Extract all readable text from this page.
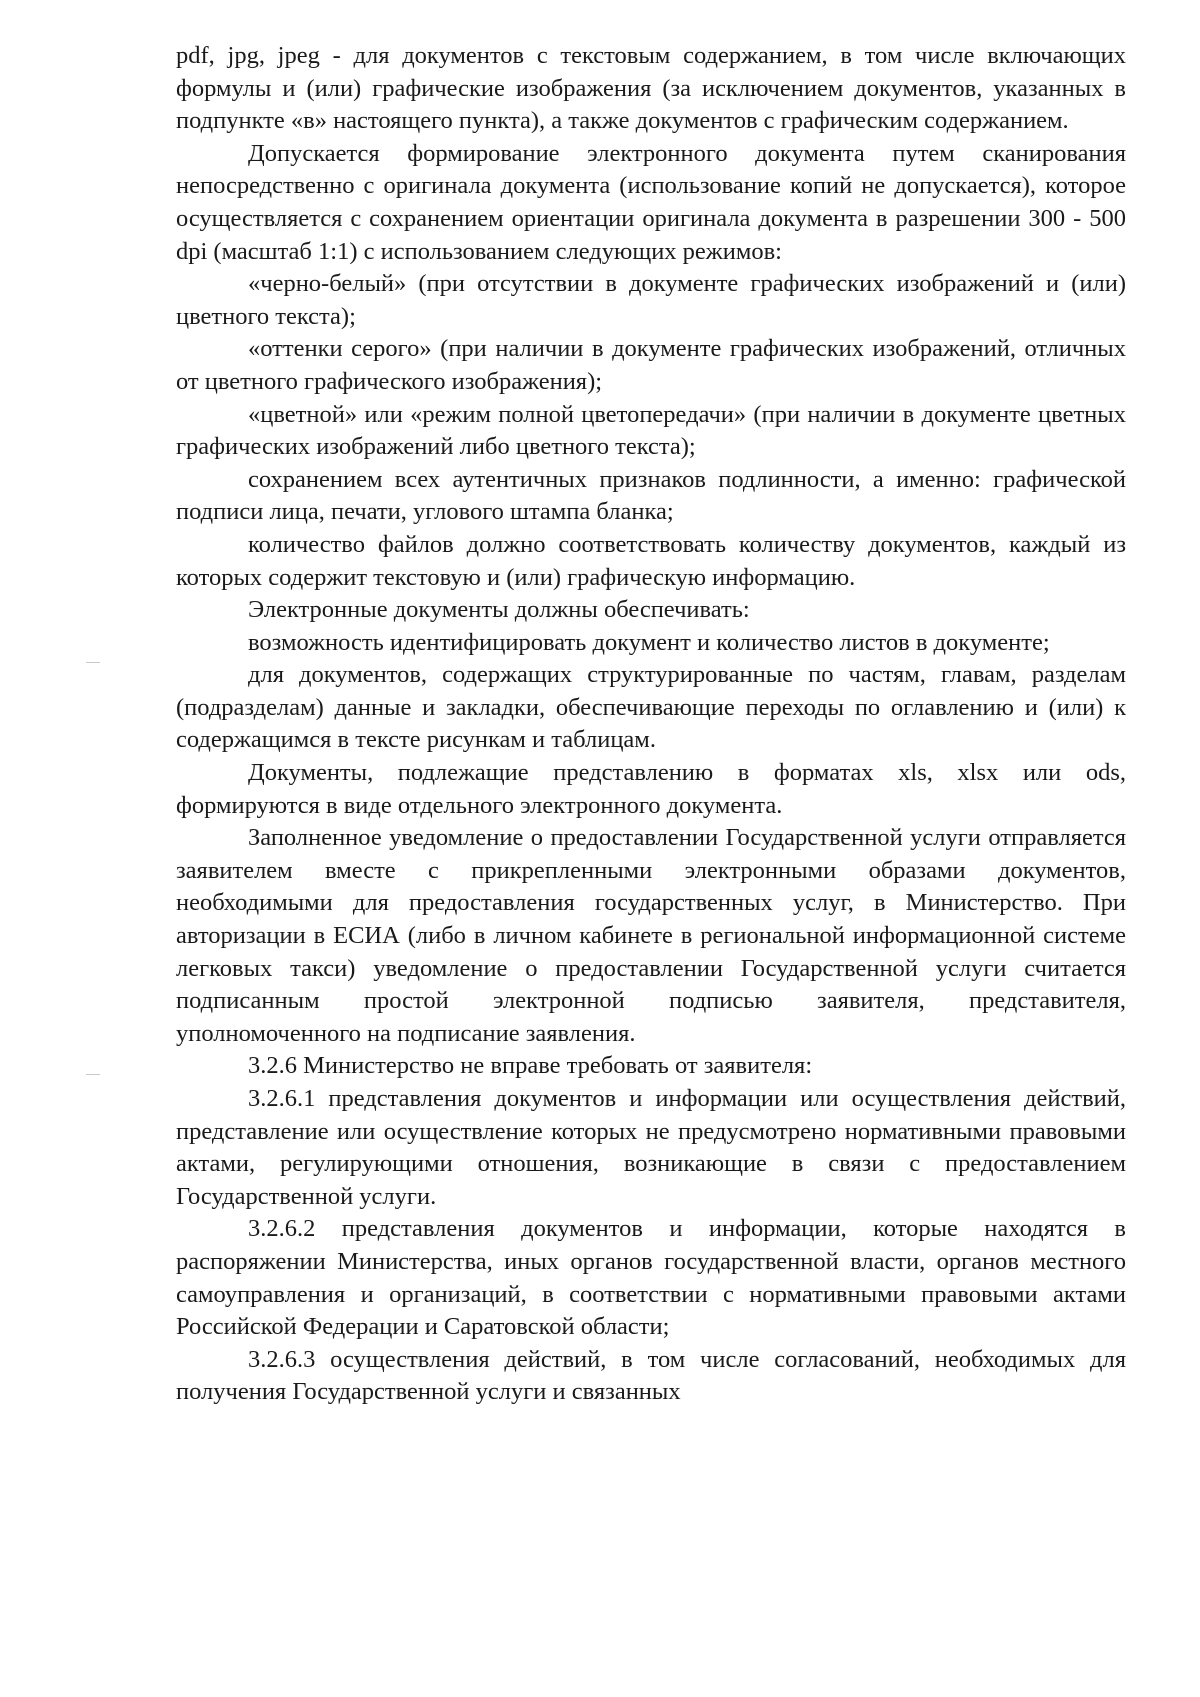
pdf, jpg, jpeg - для документов с текстовым содержанием, в том числе включающих формулы и (или) графические изображения (за исключением документов, указанных в подпункте «в» настоящего пункта), а также документов с графическим содержанием.

Допускается формирование электронного документа путем сканирования непосредственно с оригинала документа (использование копий не допускается), которое осуществляется с сохранением ориентации оригинала документа в разрешении 300 - 500 dpi (масштаб 1:1) с использованием следующих режимов:

«черно-белый» (при отсутствии в документе графических изображений и (или) цветного текста);

«оттенки серого» (при наличии в документе графических изображений, отличных от цветного графического изображения);

«цветной» или «режим полной цветопередачи» (при наличии в документе цветных графических изображений либо цветного текста);

сохранением всех аутентичных признаков подлинности, а именно: графической подписи лица, печати, углового штампа бланка;

количество файлов должно соответствовать количеству документов, каждый из которых содержит текстовую и (или) графическую информацию.

Электронные документы должны обеспечивать:

возможность идентифицировать документ и количество листов в документе;

для документов, содержащих структурированные по частям, главам, разделам (подразделам) данные и закладки, обеспечивающие переходы по оглавлению и (или) к содержащимся в тексте рисункам и таблицам.

Документы, подлежащие представлению в форматах xls, xlsx или ods, формируются в виде отдельного электронного документа.

Заполненное уведомление о предоставлении Государственной услуги отправляется заявителем вместе с прикрепленными электронными образами документов, необходимыми для предоставления государственных услуг, в Министерство. При авторизации в ЕСИА (либо в личном кабинете в региональной информационной системе легковых такси) уведомление о предоставлении Государственной услуги считается подписанным простой электронной подписью заявителя, представителя, уполномоченного на подписание заявления.

3.2.6 Министерство не вправе требовать от заявителя:

3.2.6.1 представления документов и информации или осуществления действий, представление или осуществление которых не предусмотрено нормативными правовыми актами, регулирующими отношения, возникающие в связи с предоставлением Государственной услуги.

3.2.6.2 представления документов и информации, которые находятся в распоряжении Министерства, иных органов государственной власти, органов местного самоуправления и организаций, в соответствии с нормативными правовыми актами Российской Федерации и Саратовской области;

3.2.6.3 осуществления действий, в том числе согласований, необходимых для получения Государственной услуги и связанных
